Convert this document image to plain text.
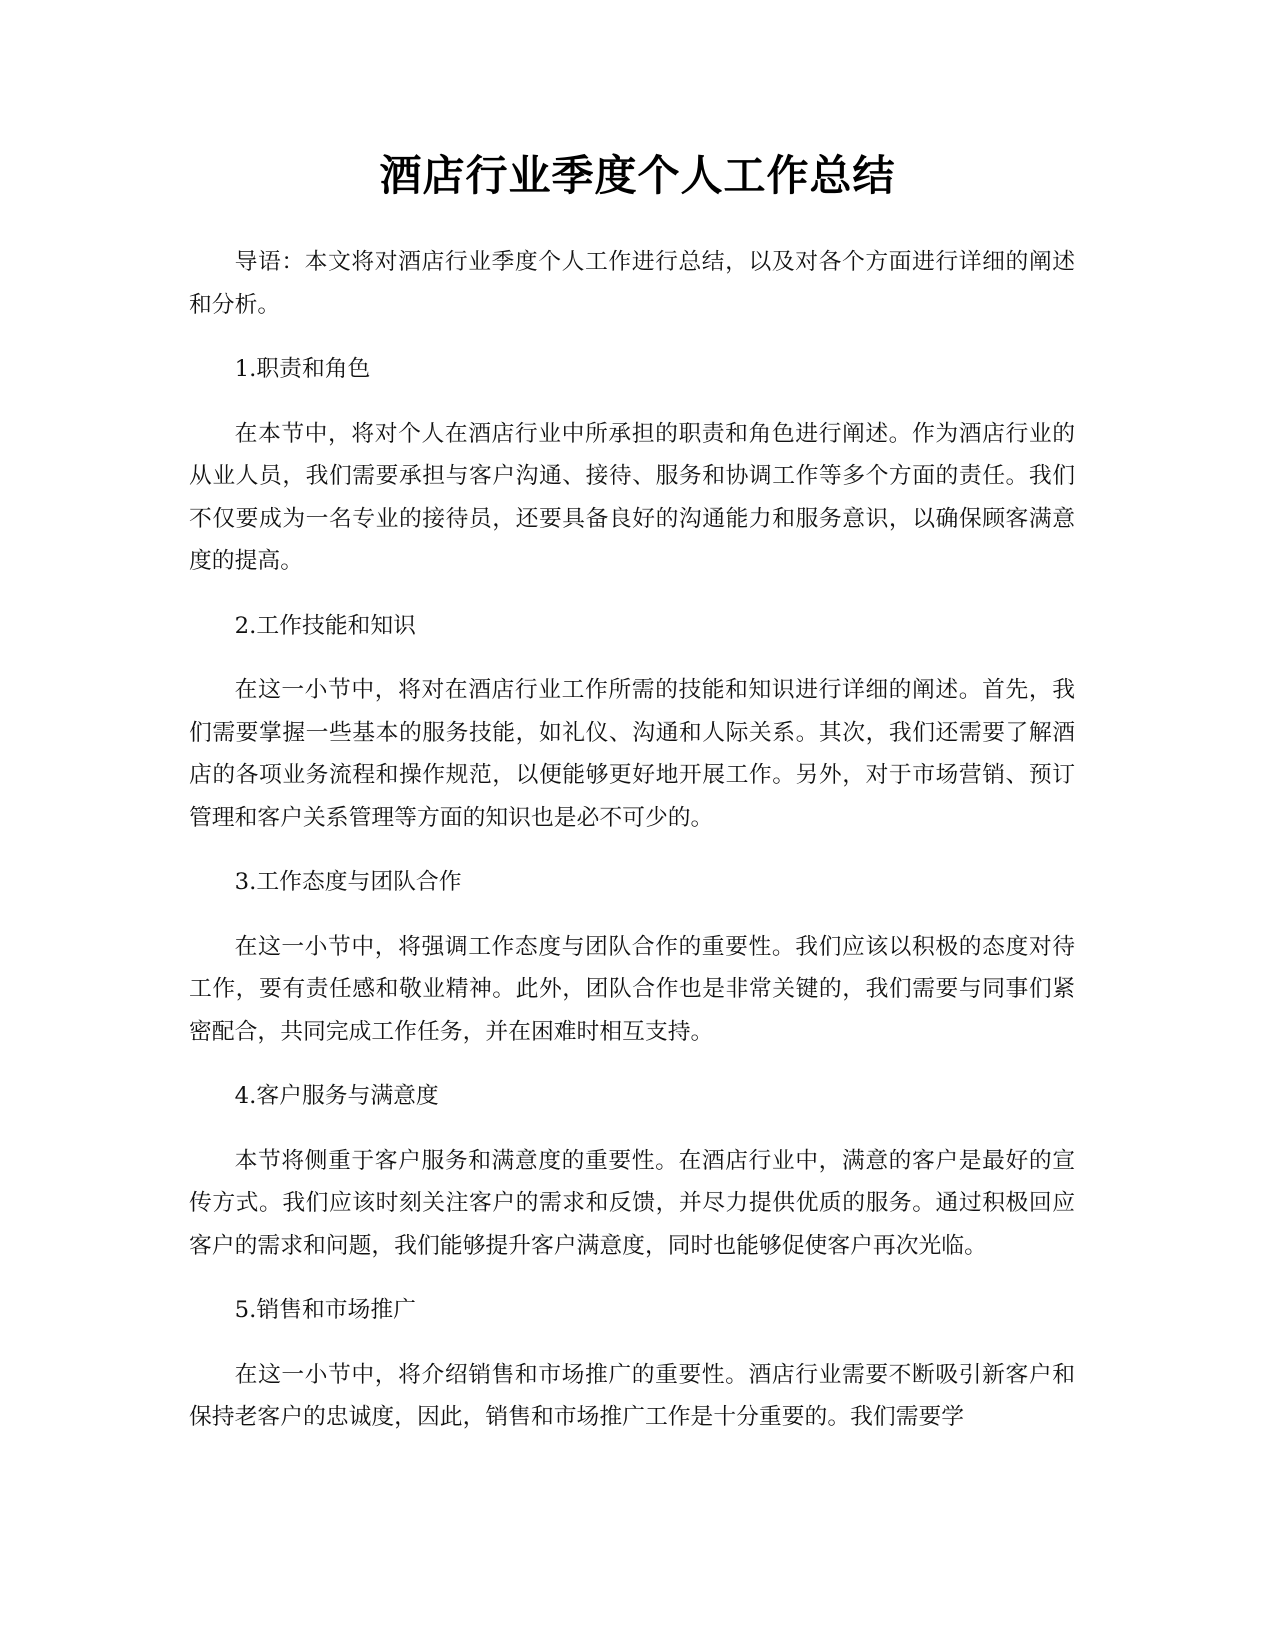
酒店行业季度个人工作总结

导语：本文将对酒店行业季度个人工作进行总结，以及对各个方面进行详细的阐述和分析。

1.职责和角色

在本节中，将对个人在酒店行业中所承担的职责和角色进行阐述。作为酒店行业的从业人员，我们需要承担与客户沟通、接待、服务和协调工作等多个方面的责任。我们不仅要成为一名专业的接待员，还要具备良好的沟通能力和服务意识，以确保顾客满意度的提高。

2.工作技能和知识

在这一小节中，将对在酒店行业工作所需的技能和知识进行详细的阐述。首先，我们需要掌握一些基本的服务技能，如礼仪、沟通和人际关系。其次，我们还需要了解酒店的各项业务流程和操作规范，以便能够更好地开展工作。另外，对于市场营销、预订管理和客户关系管理等方面的知识也是必不可少的。

3.工作态度与团队合作

在这一小节中，将强调工作态度与团队合作的重要性。我们应该以积极的态度对待工作，要有责任感和敬业精神。此外，团队合作也是非常关键的，我们需要与同事们紧密配合，共同完成工作任务，并在困难时相互支持。

4.客户服务与满意度

本节将侧重于客户服务和满意度的重要性。在酒店行业中，满意的客户是最好的宣传方式。我们应该时刻关注客户的需求和反馈，并尽力提供优质的服务。通过积极回应客户的需求和问题，我们能够提升客户满意度，同时也能够促使客户再次光临。

5.销售和市场推广

在这一小节中，将介绍销售和市场推广的重要性。酒店行业需要不断吸引新客户和保持老客户的忠诚度，因此，销售和市场推广工作是十分重要的。我们需要学
